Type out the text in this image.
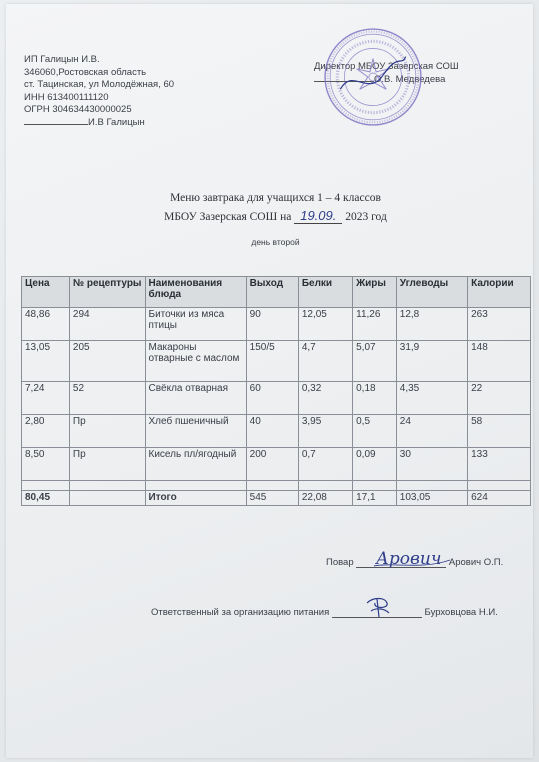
ИП Галицын И.В.
346060,Ростовская область
ст. Тацинская, ул Молодёжная, 60
ИНН 613400111120
ОГРН 304634430000025
И.В Галицын
Директор МБОУ Зазерская СОШ
О.В. Медведева
Меню завтрака для учащихся 1 – 4 классов
МБОУ Зазерская СОШ на 19.09. 2023 год
день второй
Цена	№ рецептуры	Наименования блюда	Выход	Белки	Жиры	Углеводы	Калории
48,86	294	Биточки из мяса птицы	90	12,05	11,26	12,8	263
13,05	205	Макароны отварные с маслом	150/5	4,7	5,07	31,9	148
7,24	52	Свёкла отварная	60	0,32	0,18	4,35	22
2,80	Пр	Хлеб пшеничный	40	3,95	0,5	24	58
8,50	Пр	Кисель пл/ягодный	200	0,7	0,09	30	133

80,45		Итого	545	22,08	17,1	103,05	624
Повар	Арович О.П.
Арович
Ответственный за организацию питания	Бурховцова Н.И.
